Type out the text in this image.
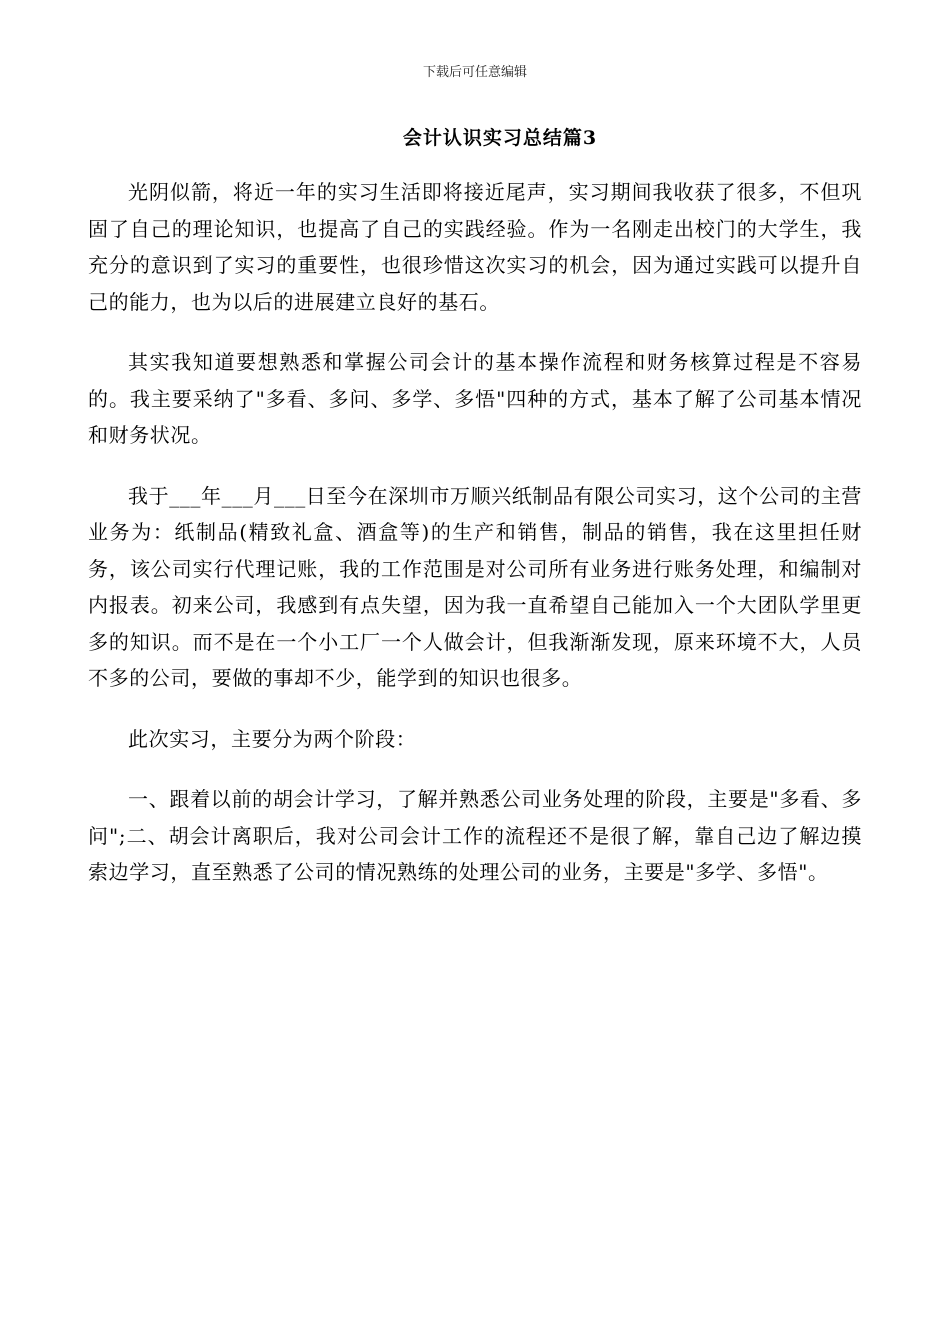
下载后可任意编辑
会计认识实习总结篇3

光阴似箭，将近一年的实习生活即将接近尾声，实习期间我收获了很多，不但巩固了自己的理论知识，也提高了自己的实践经验。作为一名刚走出校门的大学生，我充分的意识到了实习的重要性，也很珍惜这次实习的机会，因为通过实践可以提升自己的能力，也为以后的进展建立良好的基石。

其实我知道要想熟悉和掌握公司会计的基本操作流程和财务核算过程是不容易的。我主要采纳了"多看、多问、多学、多悟"四种的方式，基本了解了公司基本情况和财务状况。

我于___年___月___日至今在深圳市万顺兴纸制品有限公司实习，这个公司的主营业务为：纸制品(精致礼盒、酒盒等)的生产和销售，制品的销售，我在这里担任财务，该公司实行代理记账，我的工作范围是对公司所有业务进行账务处理，和编制对内报表。初来公司，我感到有点失望，因为我一直希望自己能加入一个大团队学里更多的知识。而不是在一个小工厂一个人做会计，但我渐渐发现，原来环境不大，人员不多的公司，要做的事却不少，能学到的知识也很多。

此次实习，主要分为两个阶段：

一、跟着以前的胡会计学习，了解并熟悉公司业务处理的阶段，主要是"多看、多问";二、胡会计离职后，我对公司会计工作的流程还不是很了解，靠自己边了解边摸索边学习，直至熟悉了公司的情况熟练的处理公司的业务，主要是"多学、多悟"。
